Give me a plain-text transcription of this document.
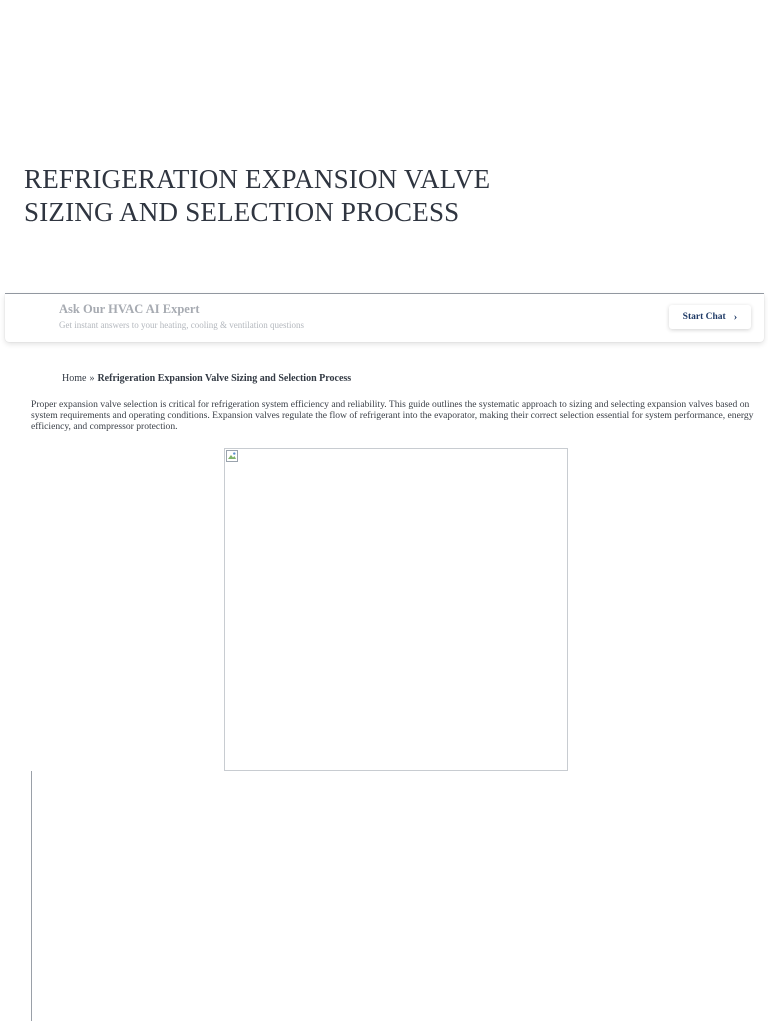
REFRIGERATION EXPANSION VALVE
SIZING AND SELECTION PROCESS
Ask Our HVAC AI Expert
Get instant answers to your heating, cooling & ventilation questions
Start Chat ›
Home » Refrigeration Expansion Valve Sizing and Selection Process

Proper expansion valve selection is critical for refrigeration system efficiency and reliability. This guide outlines the systematic approach to sizing and selecting expansion valves based on system requirements and operating conditions. Expansion valves regulate the flow of refrigerant into the evaporator, making their correct selection essential for system performance, energy efficiency, and compressor protection.
